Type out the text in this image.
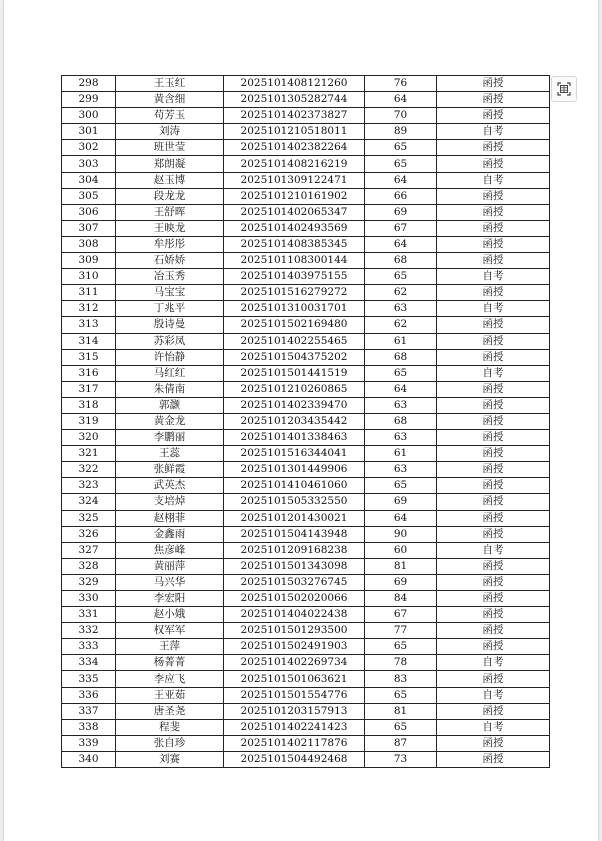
298	王玉红	2025101408121260	76	函授
299	黄含细	2025101305282744	64	函授
300	苟芳玉	2025101402373827	70	函授
301	刘涛	2025101210518011	89	自考
302	班世莹	2025101402382264	65	函授
303	郑朗凝	2025101408216219	65	函授
304	赵玉博	2025101309122471	64	自考
305	段龙龙	2025101210161902	66	函授
306	王舒晖	2025101402065347	69	函授
307	王映龙	2025101402493569	67	函授
308	牟彤彤	2025101408385345	64	函授
309	石娇娇	2025101108300144	68	函授
310	冶玉秀	2025101403975155	65	自考
311	马宝宝	2025101516279272	62	函授
312	丁兆平	2025101310031701	63	自考
313	殷诗曼	2025101502169480	62	函授
314	苏彩凤	2025101402255465	61	函授
315	许怡静	2025101504375202	68	函授
316	马红红	2025101501441519	65	自考
317	朱倩南	2025101210260865	64	函授
318	郭灏	2025101402339470	63	函授
319	黄金龙	2025101203435442	68	函授
320	李鹏丽	2025101401338463	63	函授
321	王蕊	2025101516344041	61	函授
322	张鲜霞	2025101301449906	63	函授
323	武英杰	2025101410461060	65	函授
324	支培焯	2025101505332550	69	函授
325	赵栩菲	2025101201430021	64	函授
326	金鑫雨	2025101504143948	90	函授
327	焦彦峰	2025101209168238	60	自考
328	黄丽萍	2025101501343098	81	函授
329	马兴华	2025101503276745	69	函授
330	李宏阳	2025101502020066	84	函授
331	赵小娥	2025101404022438	67	函授
332	权军军	2025101501293500	77	函授
333	王萍	2025101502491903	65	函授
334	杨菁菁	2025101402269734	78	自考
335	李应飞	2025101501063621	83	函授
336	王亚茹	2025101501554776	65	自考
337	唐圣尧	2025101203157913	81	函授
338	程斐	2025101402241423	65	自考
339	张自珍	2025101402117876	87	函授
340	刘赛	2025101504492468	73	函授
